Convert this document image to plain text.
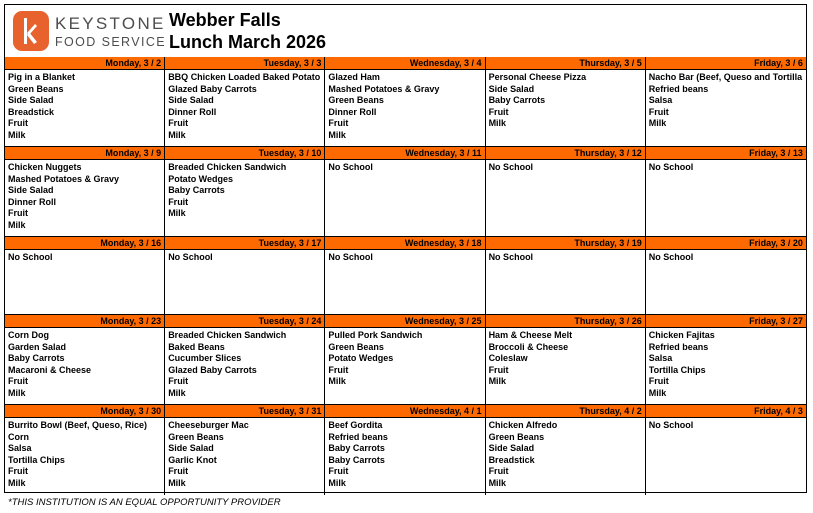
KEYSTONE
FOOD SERVICE
Webber Falls
Lunch March 2026
Monday, 3 / 2
Pig in a Blanket
Green Beans
Side Salad
Breadstick
Fruit
Milk
Tuesday, 3 / 3
BBQ Chicken Loaded Baked Potato
Glazed Baby Carrots
Side Salad
Dinner Roll
Fruit
Milk
Wednesday, 3 / 4
Glazed Ham
Mashed Potatoes & Gravy
Green Beans
Dinner Roll
Fruit
Milk
Thursday, 3 / 5
Personal Cheese Pizza
Side Salad
Baby Carrots
Fruit
Milk
Friday, 3 / 6
Nacho Bar (Beef, Queso and Tortilla
Refried beans
Salsa
Fruit
Milk
Monday, 3 / 9
Chicken Nuggets
Mashed Potatoes & Gravy
Side Salad
Dinner Roll
Fruit
Milk
Tuesday, 3 / 10
Breaded Chicken Sandwich
Potato Wedges
Baby Carrots
Fruit
Milk
Wednesday, 3 / 11
No School
Thursday, 3 / 12
No School
Friday, 3 / 13
No School
Monday, 3 / 16
No School
Tuesday, 3 / 17
No School
Wednesday, 3 / 18
No School
Thursday, 3 / 19
No School
Friday, 3 / 20
No School
Monday, 3 / 23
Corn Dog
Garden Salad
Baby Carrots
Macaroni & Cheese
Fruit
Milk
Tuesday, 3 / 24
Breaded Chicken Sandwich
Baked Beans
Cucumber Slices
Glazed Baby Carrots
Fruit
Milk
Wednesday, 3 / 25
Pulled Pork Sandwich
Green Beans
Potato Wedges
Fruit
Milk
Thursday, 3 / 26
Ham & Cheese Melt
Broccoli & Cheese
Coleslaw
Fruit
Milk
Friday, 3 / 27
Chicken Fajitas
Refried beans
Salsa
Tortilla Chips
Fruit
Milk
Monday, 3 / 30
Burrito Bowl (Beef, Queso, Rice)
Corn
Salsa
Tortilla Chips
Fruit
Milk
Tuesday, 3 / 31
Cheeseburger Mac
Green Beans
Side Salad
Garlic Knot
Fruit
Milk
Wednesday, 4 / 1
Beef Gordita
Refried beans
Baby Carrots
Baby Carrots
Fruit
Milk
Thursday, 4 / 2
Chicken Alfredo
Green Beans
Side Salad
Breadstick
Fruit
Milk
Friday, 4 / 3
No School
*THIS INSTITUTION IS AN EQUAL OPPORTUNITY PROVIDER
